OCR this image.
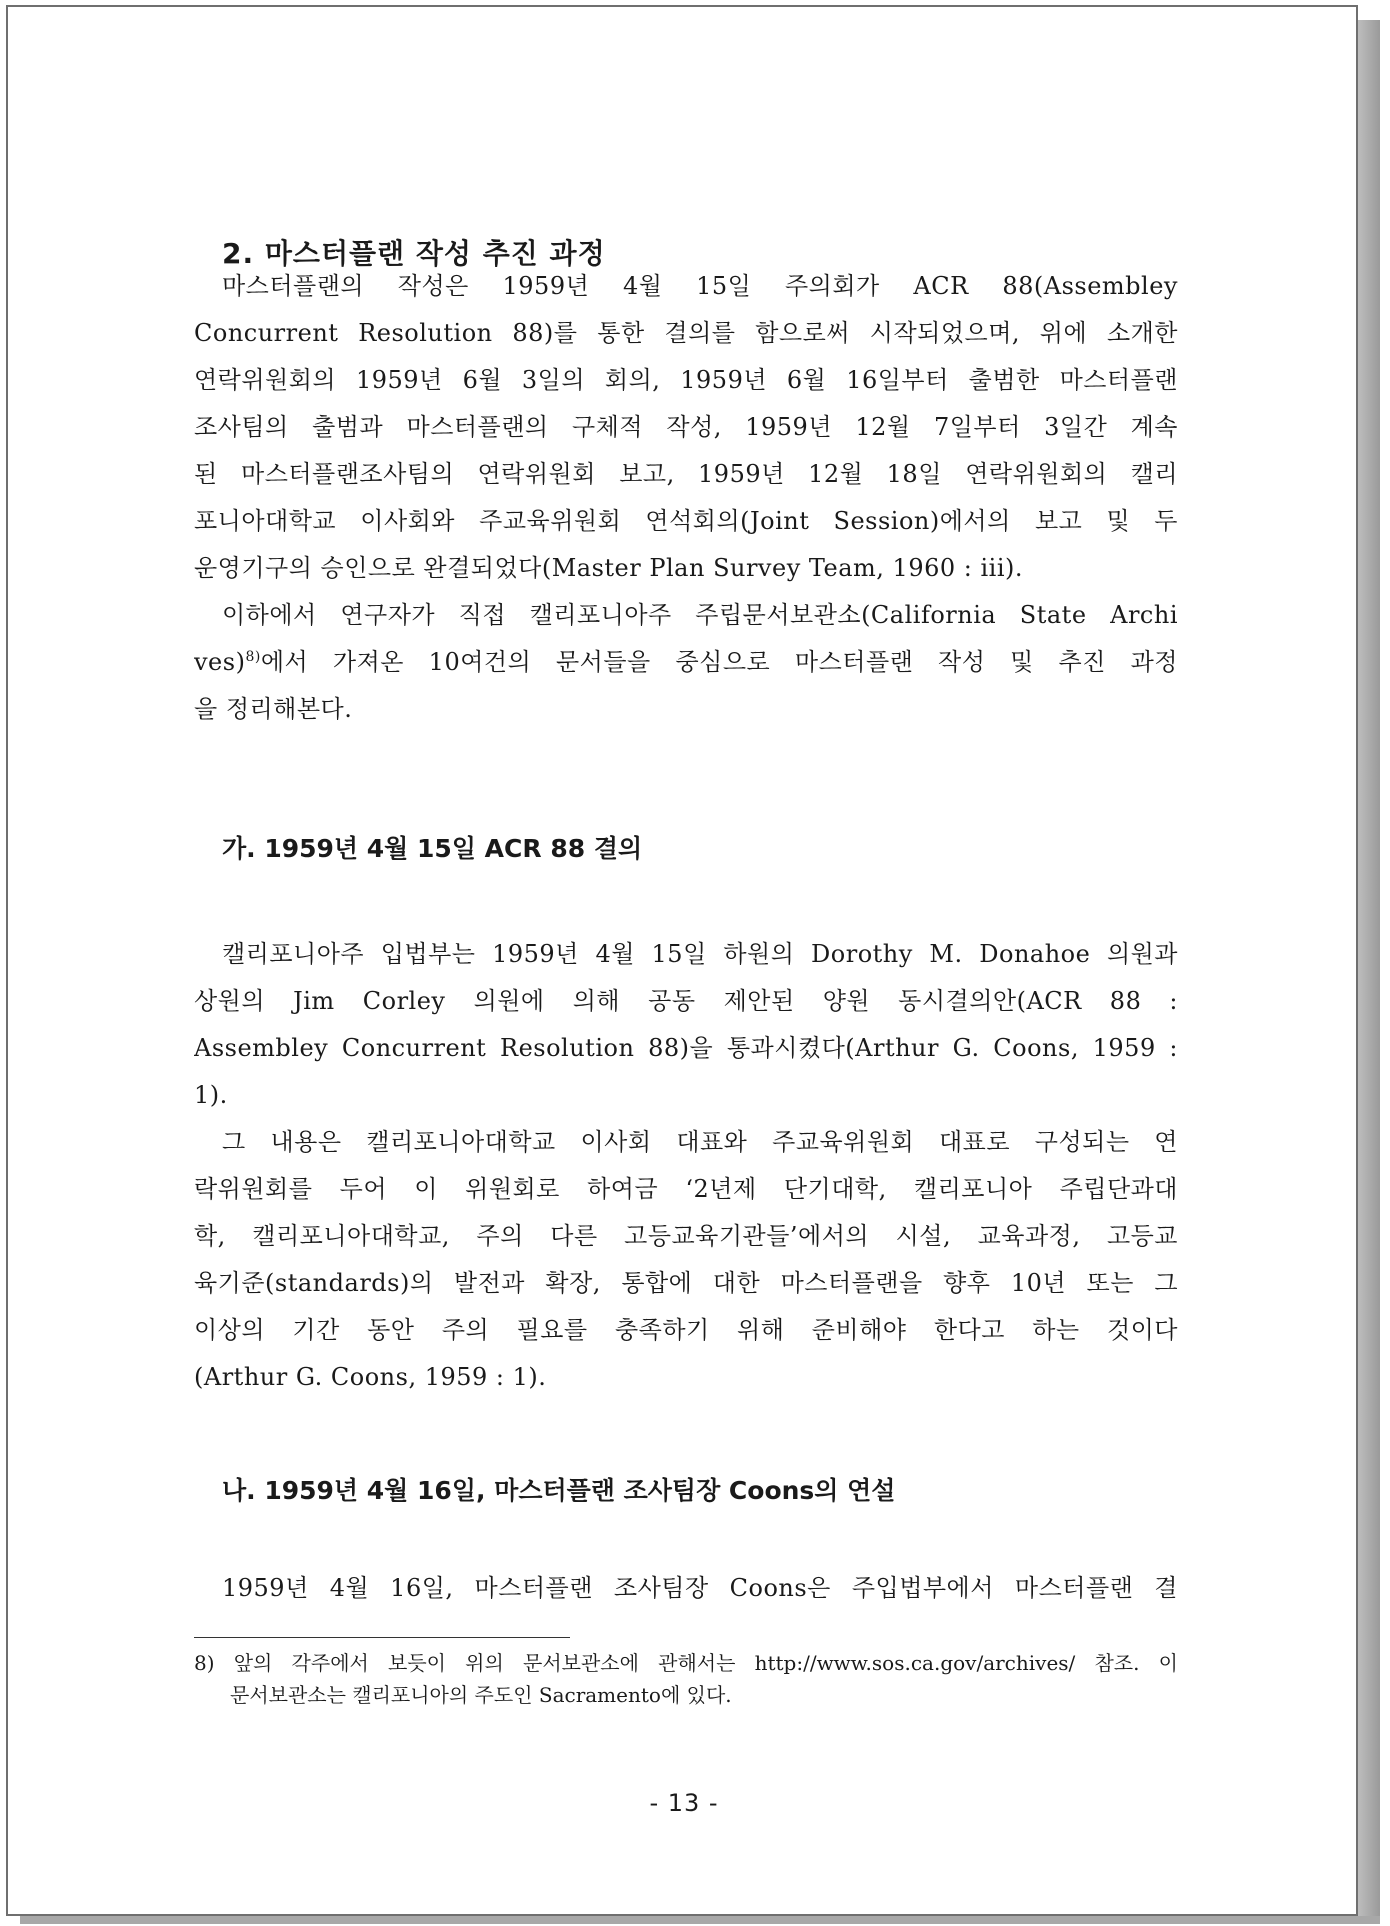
2. 마스터플랜 작성 추진 과정
마스터플랜의 작성은 1959년 4월 15일 주의회가 ACR 88(Assembley
Concurrent Resolution 88)를 통한 결의를 함으로써 시작되었으며, 위에 소개한
연락위원회의 1959년 6월 3일의 회의, 1959년 6월 16일부터 출범한 마스터플랜
조사팀의 출범과 마스터플랜의 구체적 작성, 1959년 12월 7일부터 3일간 계속
된 마스터플랜조사팀의 연락위원회 보고, 1959년 12월 18일 연락위원회의 캘리
포니아대학교 이사회와 주교육위원회 연석회의(Joint Session)에서의 보고 및 두
운영기구의 승인으로 완결되었다(Master Plan Survey Team, 1960 : iii).
이하에서 연구자가 직접 캘리포니아주 주립문서보관소(California State Archi
ves)$^{8)}$에서 가져온 10여건의 문서들을 중심으로 마스터플랜 작성 및 추진 과정
을 정리해본다.
가. 1959년 4월 15일 ACR 88 결의
캘리포니아주 입법부는 1959년 4월 15일 하원의 Dorothy M. Donahoe 의원과
상원의 Jim Corley 의원에 의해 공동 제안된 양원 동시결의안(ACR 88 :
Assembley Concurrent Resolution 88)을 통과시켰다(Arthur G. Coons, 1959 :
1).
그 내용은 캘리포니아대학교 이사회 대표와 주교육위원회 대표로 구성되는 연
락위원회를 두어 이 위원회로 하여금 ‘2년제 단기대학, 캘리포니아 주립단과대
학, 캘리포니아대학교, 주의 다른 고등교육기관들’에서의 시설, 교육과정, 고등교
육기준(standards)의 발전과 확장, 통합에 대한 마스터플랜을 향후 10년 또는 그
이상의 기간 동안 주의 필요를 충족하기 위해 준비해야 한다고 하는 것이다
(Arthur G. Coons, 1959 : 1).
나. 1959년 4월 16일, 마스터플랜 조사팀장 Coons의 연설
1959년 4월 16일, 마스터플랜 조사팀장 Coons은 주입법부에서 마스터플랜 결
8) 앞의 각주에서 보듯이 위의 문서보관소에 관해서는 http://www.sos.ca.gov/archives/ 참조. 이
문서보관소는 캘리포니아의 주도인 Sacramento에 있다.
- 13 -
